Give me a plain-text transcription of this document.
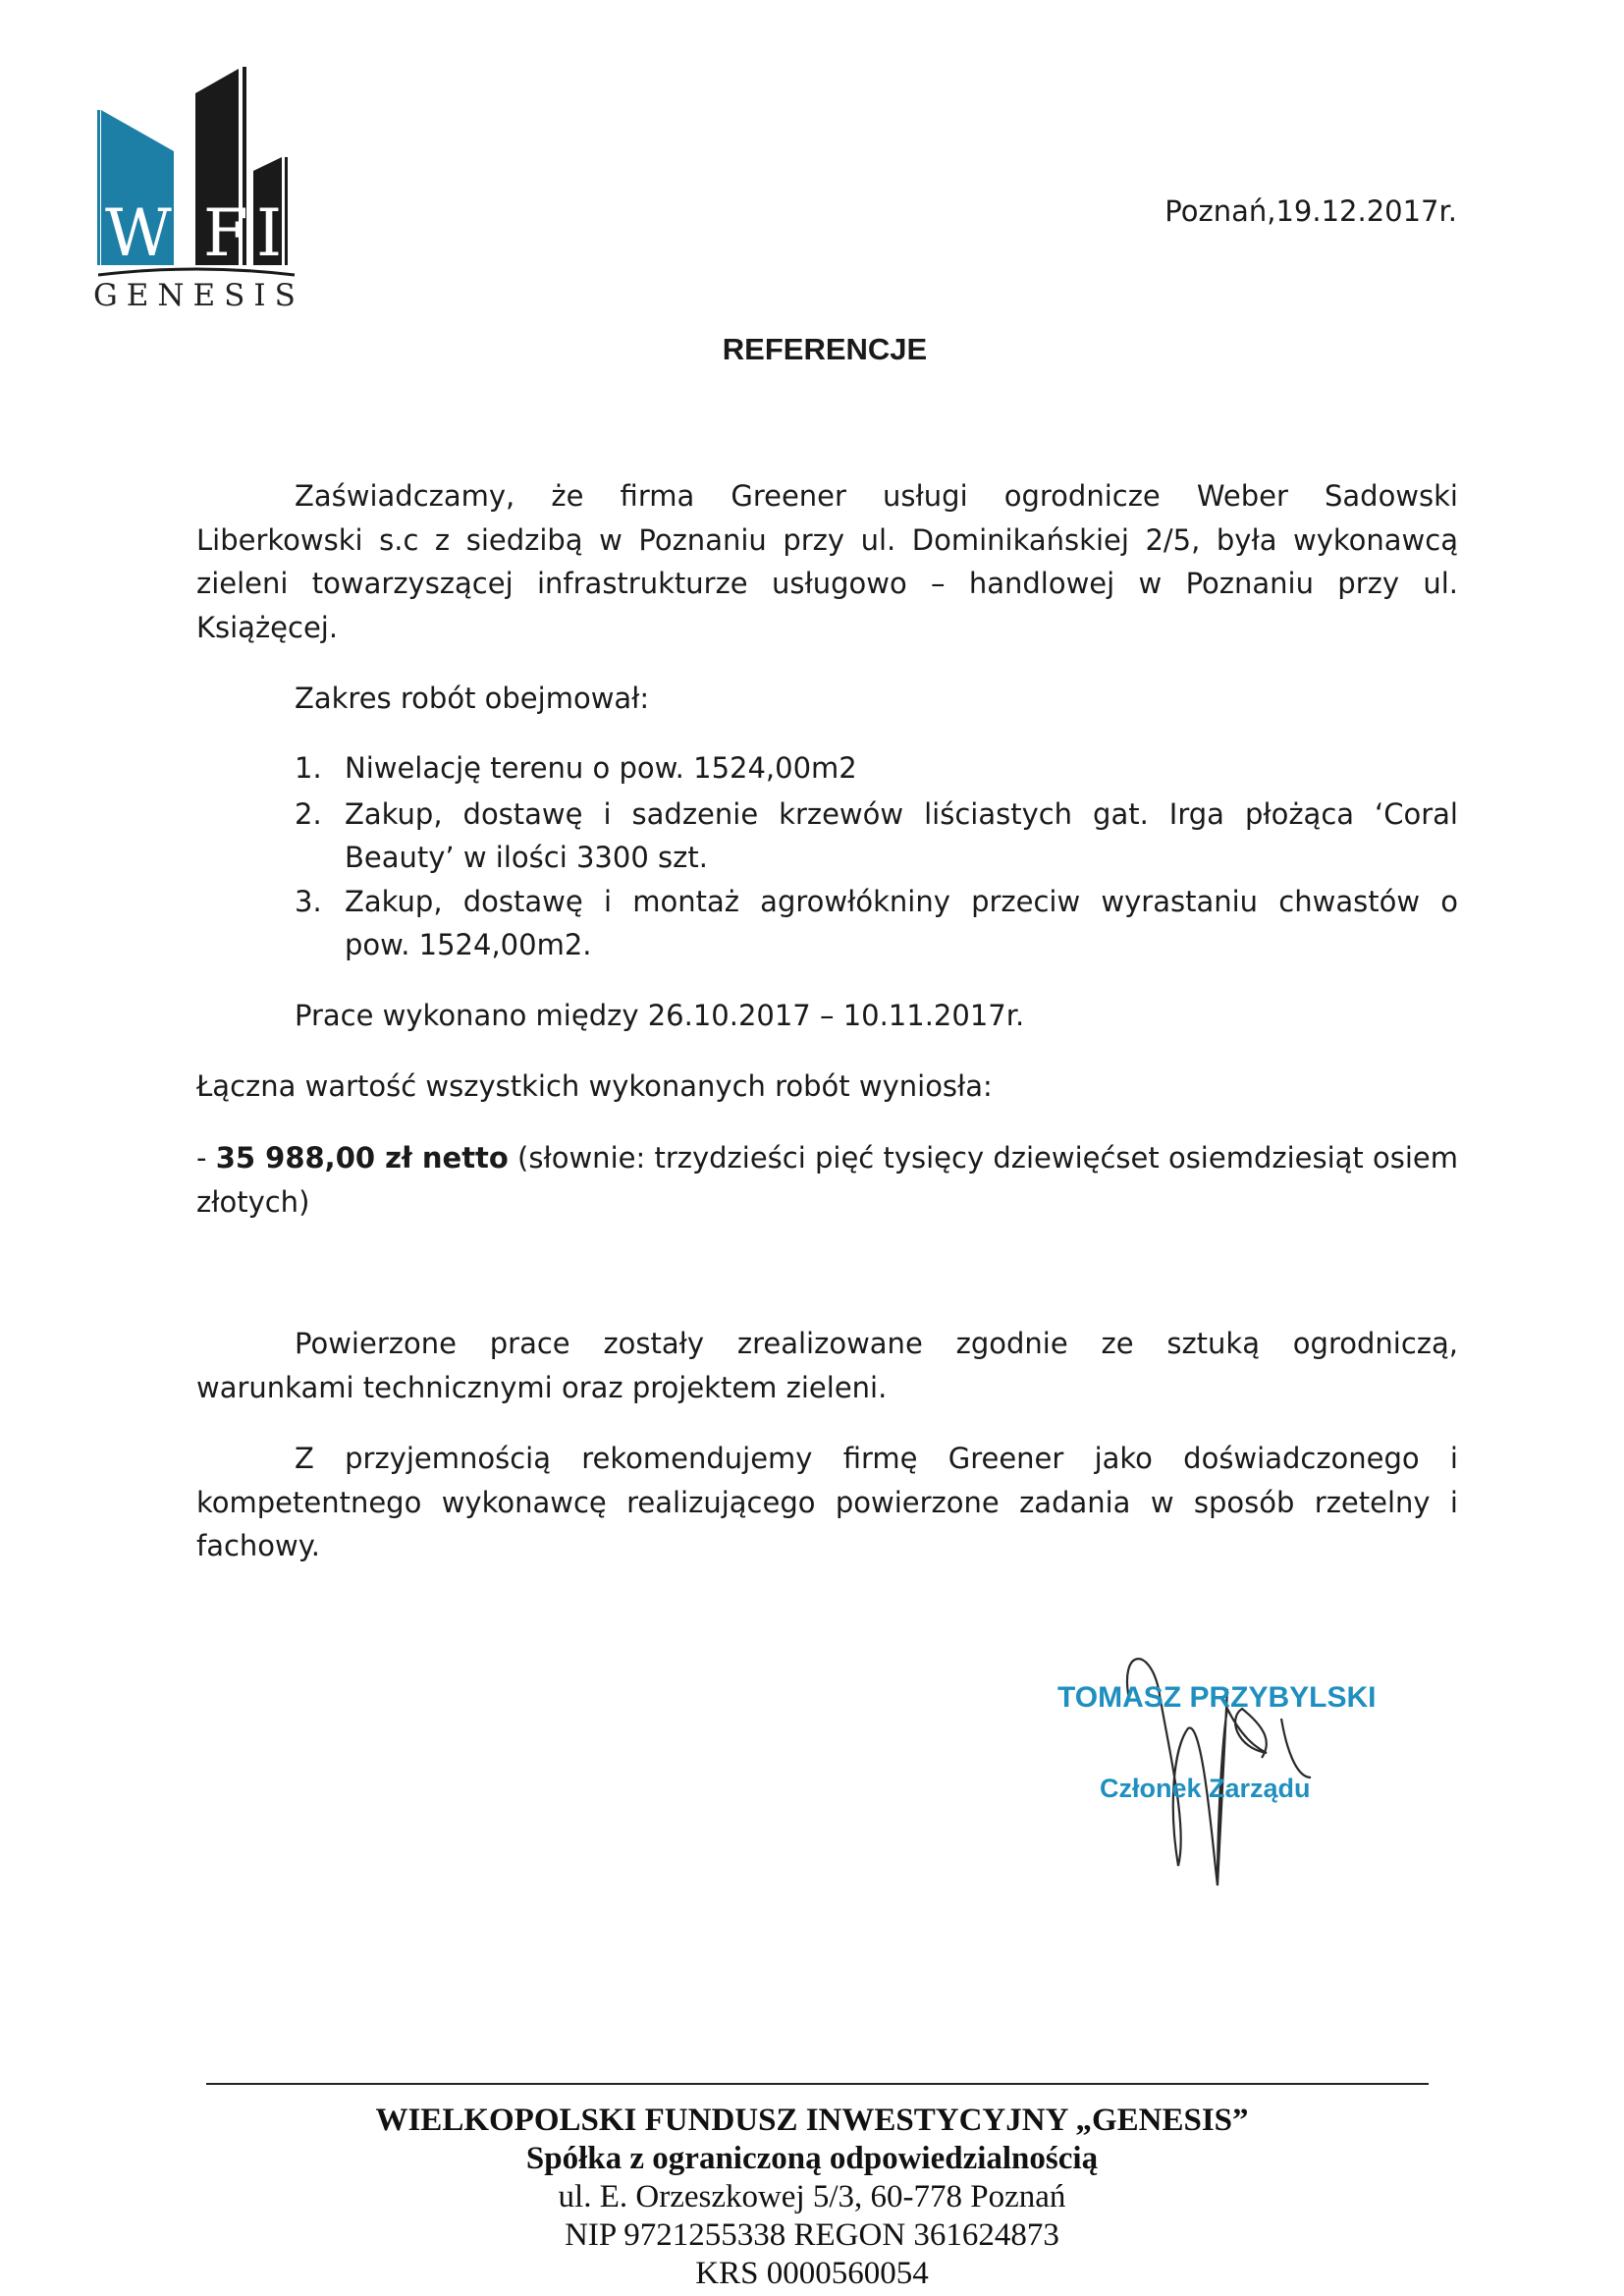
W F I
GENESIS
Poznań,19.12.2017r.
REFERENCJE
Zaświadczamy, że firma Greener usługi ogrodnicze Weber Sadowski
Liberkowski s.c z siedzibą w Poznaniu przy ul. Dominikańskiej 2/5, była wykonawcą
zieleni towarzyszącej infrastrukturze usługowo – handlowej w Poznaniu przy ul.
Książęcej.
Zakres robót obejmował:
1. Niwelację terenu o pow. 1524,00m2
2. Zakup, dostawę i sadzenie krzewów liściastych gat. Irga płożąca ‘Coral
Beauty’ w ilości 3300 szt.
3. Zakup, dostawę i montaż agrowłókniny przeciw wyrastaniu chwastów o
pow. 1524,00m2.
Prace wykonano między 26.10.2017 – 10.11.2017r.
Łączna wartość wszystkich wykonanych robót wyniosła:
- 35 988,00 zł netto (słownie: trzydzieści pięć tysięcy dziewięćset osiemdziesiąt osiem
złotych)
Powierzone prace zostały zrealizowane zgodnie ze sztuką ogrodniczą,
warunkami technicznymi oraz projektem zieleni.
Z przyjemnością rekomendujemy firmę Greener jako doświadczonego i
kompetentnego wykonawcę realizującego powierzone zadania w sposób rzetelny i
fachowy.
TOMASZ PRZYBYLSKI
Członek Zarządu
WIELKOPOLSKI FUNDUSZ INWESTYCYJNY „GENESIS”
Spółka z ograniczoną odpowiedzialnością
ul. E. Orzeszkowej 5/3, 60-778 Poznań
NIP 9721255338 REGON 361624873
KRS 0000560054
